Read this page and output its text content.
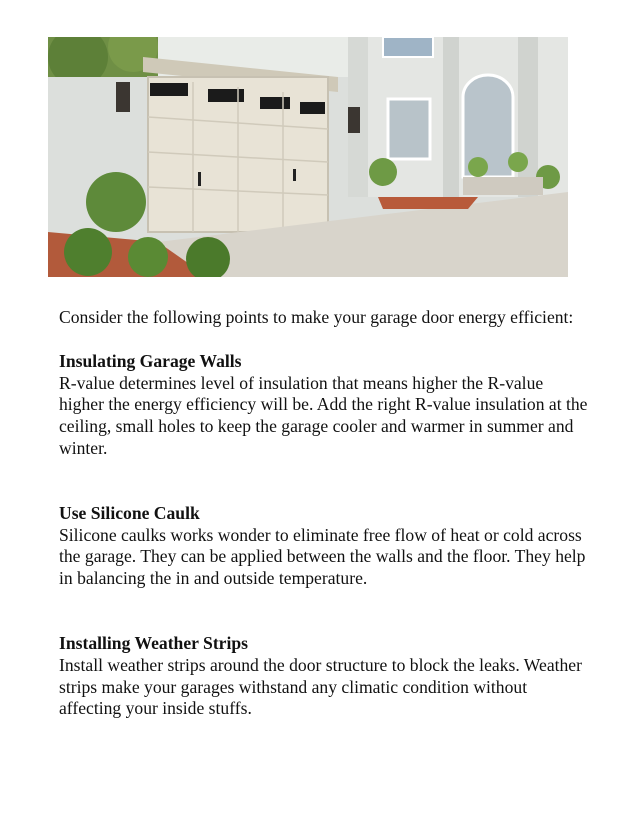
Consider the following points to make your garage door energy efficient:

Insulating Garage Walls

R-value determines level of insulation that means higher the R-value higher the energy efficiency will be. Add the right R-value insulation at the ceiling, small holes to keep the garage cooler and warmer in summer and winter.

Use Silicone Caulk

Silicone caulks works wonder to eliminate free flow of heat or cold across the garage. They can be applied between the walls and the floor. They help in balancing the in and outside temperature.

Installing Weather Strips

Install weather strips around the door structure to block the leaks. Weather strips make your garages withstand any climatic condition without affecting your inside stuffs.
